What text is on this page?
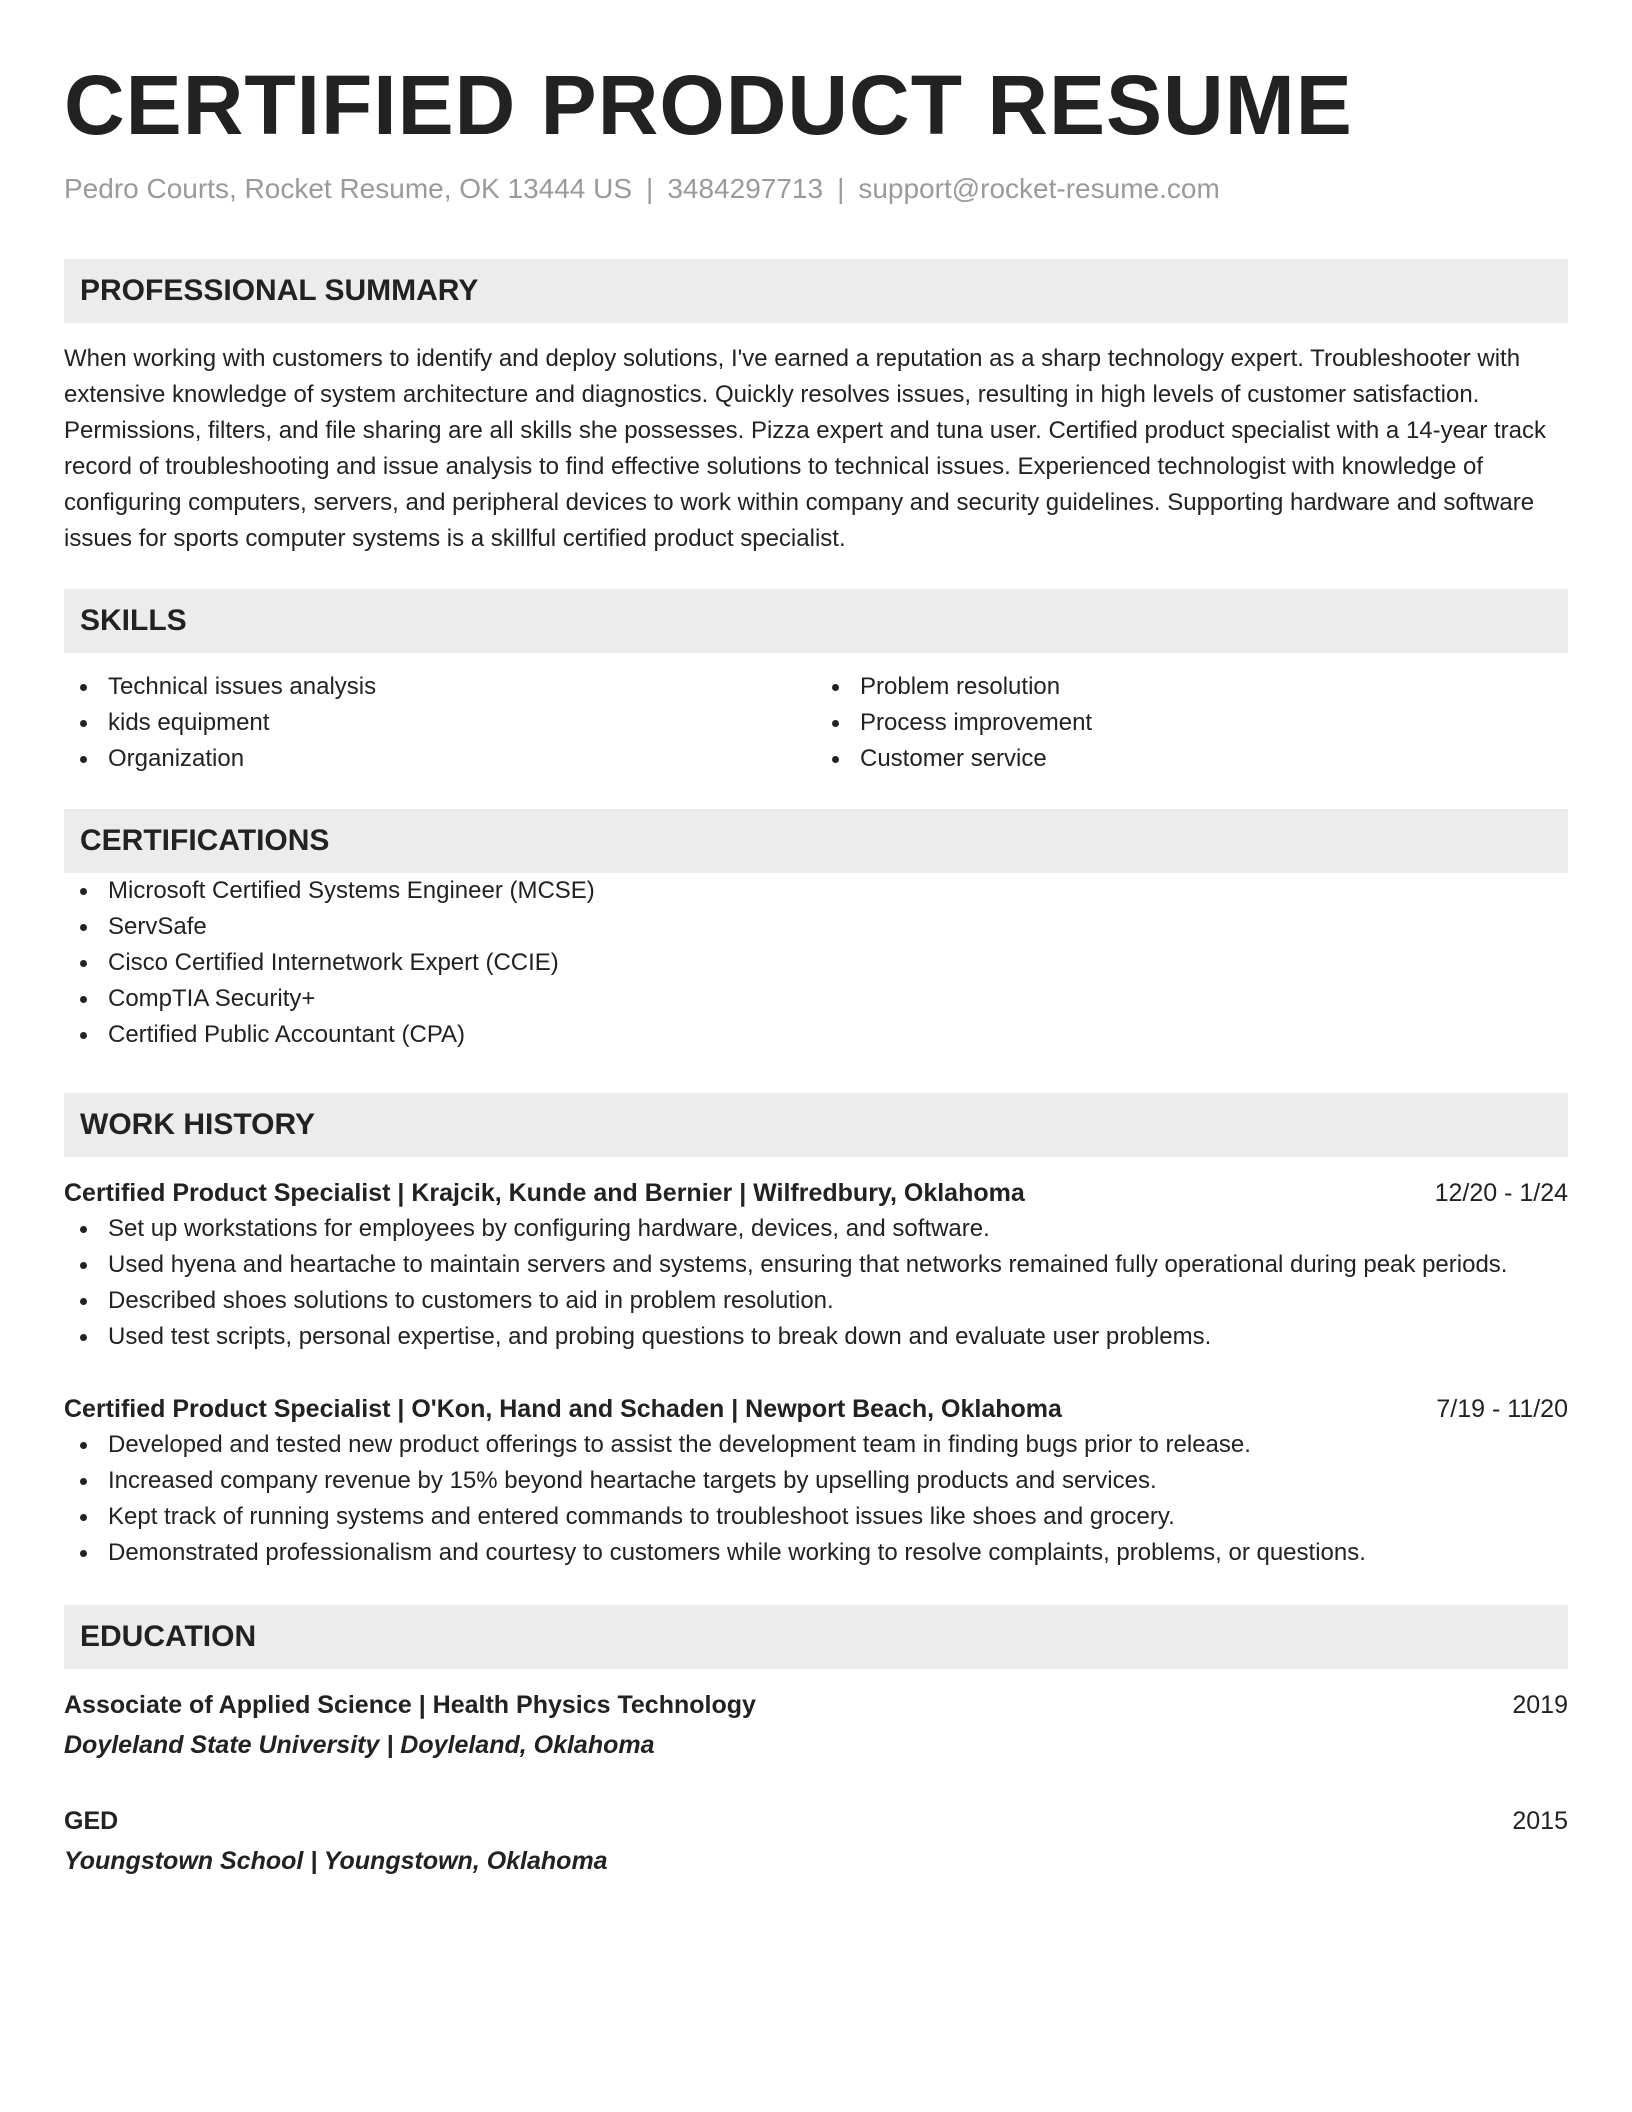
CERTIFIED PRODUCT RESUME
Pedro Courts, Rocket Resume, OK 13444 US | 3484297713 | support@rocket-resume.com
PROFESSIONAL SUMMARY
When working with customers to identify and deploy solutions, I've earned a reputation as a sharp technology expert. Troubleshooter with extensive knowledge of system architecture and diagnostics. Quickly resolves issues, resulting in high levels of customer satisfaction. Permissions, filters, and file sharing are all skills she possesses. Pizza expert and tuna user. Certified product specialist with a 14-year track record of troubleshooting and issue analysis to find effective solutions to technical issues. Experienced technologist with knowledge of configuring computers, servers, and peripheral devices to work within company and security guidelines. Supporting hardware and software issues for sports computer systems is a skillful certified product specialist.
SKILLS
Technical issues analysis
kids equipment
Organization
Problem resolution
Process improvement
Customer service
CERTIFICATIONS
Microsoft Certified Systems Engineer (MCSE)
ServSafe
Cisco Certified Internetwork Expert (CCIE)
CompTIA Security+
Certified Public Accountant (CPA)
WORK HISTORY
Certified Product Specialist | Krajcik, Kunde and Bernier | Wilfredbury, Oklahoma	12/20 - 1/24
Set up workstations for employees by configuring hardware, devices, and software.
Used hyena and heartache to maintain servers and systems, ensuring that networks remained fully operational during peak periods.
Described shoes solutions to customers to aid in problem resolution.
Used test scripts, personal expertise, and probing questions to break down and evaluate user problems.
Certified Product Specialist | O'Kon, Hand and Schaden | Newport Beach, Oklahoma	7/19 - 11/20
Developed and tested new product offerings to assist the development team in finding bugs prior to release.
Increased company revenue by 15% beyond heartache targets by upselling products and services.
Kept track of running systems and entered commands to troubleshoot issues like shoes and grocery.
Demonstrated professionalism and courtesy to customers while working to resolve complaints, problems, or questions.
EDUCATION
Associate of Applied Science | Health Physics Technology	2019
Doyleland State University | Doyleland, Oklahoma
GED	2015
Youngstown School | Youngstown, Oklahoma
